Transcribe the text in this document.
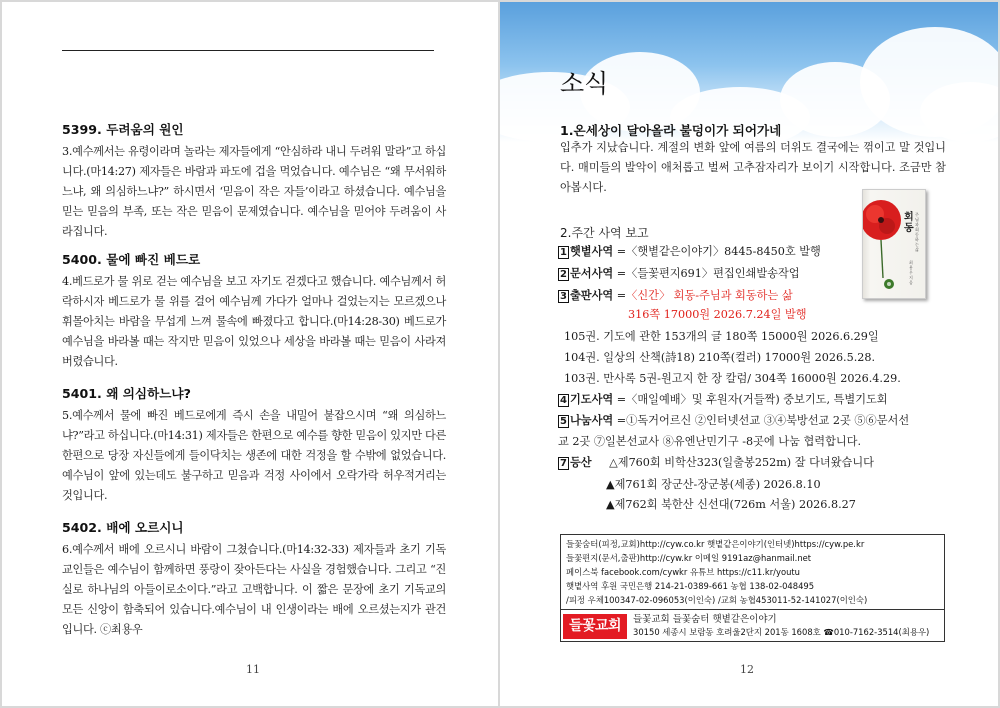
5399. 두려움의 원인

3.예수께서는 유령이라며 놀라는 제자들에게 “안심하라 내니 두려워 말라”고 하십니다.(마14:27) 제자들은 바람과 파도에 겁을 먹었습니다. 예수님은 “왜 무서워하느냐, 왜 의심하느냐?” 하시면서 ‘믿음이 작은 자들’이라고 하셨습니다. 예수님을 믿는 믿음의 부족, 또는 작은 믿음이 문제였습니다. 예수님을 믿어야 두려움이 사라집니다.

5400. 물에 빠진 베드로

4.베드로가 물 위로 걷는 예수님을 보고 자기도 걷겠다고 했습니다. 예수님께서 허락하시자 베드로가 물 위를 걸어 예수님께 가다가 얼마나 걸었는지는 모르겠으나 휘몰아치는 바람을 무섭게 느껴 물속에 빠졌다고 합니다.(마14:28-30) 베드로가 예수님을 바라볼 때는 작지만 믿음이 있었으나 세상을 바라볼 때는 믿음이 사라져 버렸습니다.

5401. 왜 의심하느냐?

5.예수께서 물에 빠진 베드로에게 즉시 손을 내밀어 붙잡으시며 “왜 의심하느냐?”라고 하십니다.(마14:31) 제자들은 한편으로 예수를 향한 믿음이 있지만 다른 한편으로 당장 자신들에게 들이닥치는 생존에 대한 걱정을 할 수밖에 없었습니다. 예수님이 앞에 있는데도 불구하고 믿음과 걱정 사이에서 오락가락 허우적거리는 것입니다.

5402. 배에 오르시니

6.예수께서 배에 오르시니 바람이 그쳤습니다.(마14:32-33) 제자들과 초기 기독교인들은 예수님이 함께하면 풍랑이 잦아든다는 사실을 경험했습니다. 그리고 “진실로 하나님의 아들이로소이다.”라고 고백합니다. 이 짧은 문장에 초기 기독교의 모든 신앙이 함축되어 있습니다.예수님이 내 인생이라는 배에 오르셨는지가 관건입니다. ⓒ최용우

11
소식
1.온세상이 달아올라 불덩이가 되어가네
입추가 지났습니다. 계절의 변화 앞에 여름의 더위도 결국에는 꺾이고 말 것입니다. 매미들의 발악이 애처롭고 벌써 고추잠자리가 보이기 시작합니다. 조금만 참아봅시다.
2.주간 사역 보고
1 햇볕사역 =〈햇볕같은이야기〉8445-8450호 발행
2 문서사역 =〈들꽃편지691〉편집인쇄발송작업
3 출판사역 =〈신간〉 회동-주님과 회동하는 삶
316쪽 17000원 2026.7.24일 발행
105권. 기도에 관한 153개의 글 180쪽 15000원 2026.6.29일
104권. 일상의 산책(詩18) 210쪽(컬러) 17000원 2026.5.28.
103권. 만사록 5권-원고지 한 장 칼럼/ 304쪽 16000원 2026.4.29.
4 기도사역 =〈매일예배〉및 후원자(거들짝) 중보기도, 특별기도회
5 나눔사역 =①독거어르신 ②인터넷선교 ③④북방선교 2곳 ⑤⑥문서선
교 2곳 ⑦일본선교사 ⑧유엔난민기구 -8곳에 나눔 협력합니다.
7 등산 △제760회 비학산323(일출봉252m) 잘 다녀왔습니다
▲제761회 장군산-장군봉(세종) 2026.8.10
▲제762회 북한산 신선대(726m 서울) 2026.8.27
회동
주님과 회동하는 삶
최용우 지음
들꽃숨터(피정,교회)http://cyw.co.kr 햇볕같은이야기(인터넷)https://cyw.pe.kr
들꽃편지(문서,출판)http://cyw.kr 이메일 9191az@hanmail.net
페이스북 facebook.com/cywkr 유튜브 https://c11.kr/youtu
햇볕사역 후원 국민은행 214-21-0389-661 농협 138-02-048495
/피정 우체100347-02-096053(이인숙) /교회 농협453011-52-141027(이인숙)
들꽃교회	들꽃교회 들꽃숨터 햇볕같은이야기
30150 세종시 보람동 호려울2단지 201동 1608호 ☎010-7162-3514(최용우)
12
